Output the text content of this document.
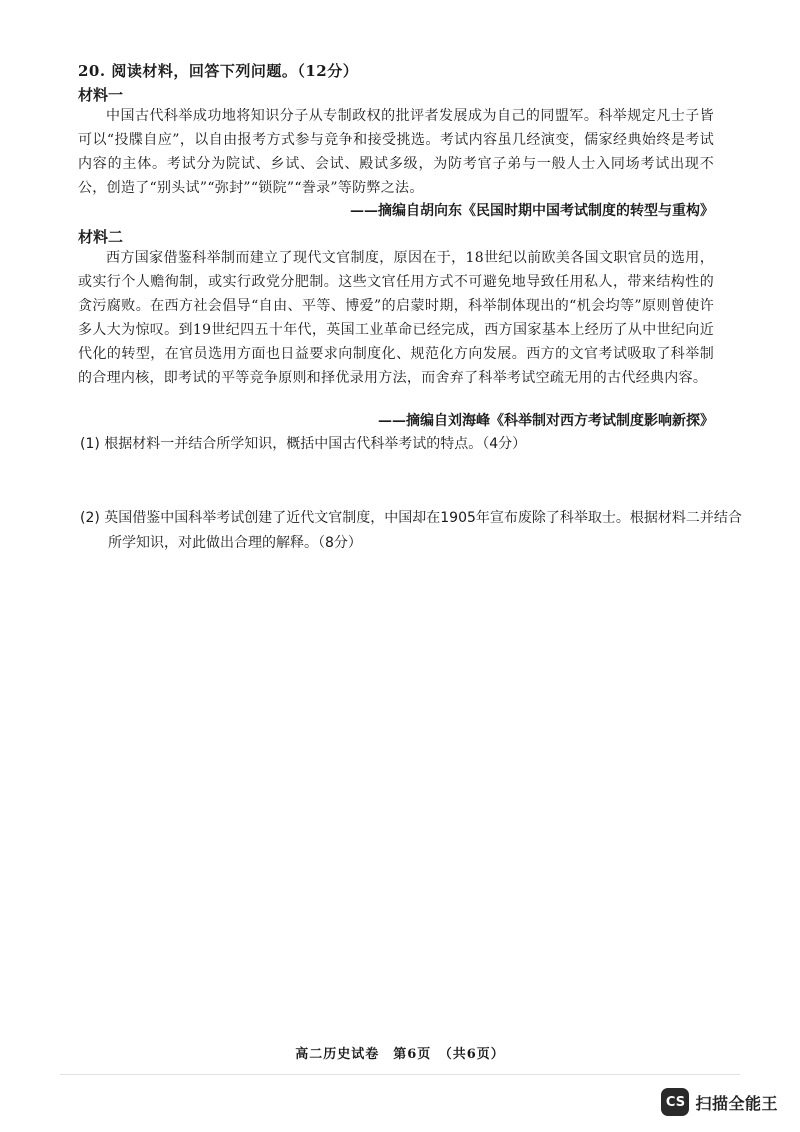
20. 阅读材料，回答下列问题。（12分）
材料一
中国古代科举成功地将知识分子从专制政权的批评者发展成为自己的同盟军。科举规定凡士子皆可以“投牒自应”，以自由报考方式参与竞争和接受挑选。考试内容虽几经演变，儒家经典始终是考试内容的主体。考试分为院试、乡试、会试、殿试多级，为防考官子弟与一般人士入同场考试出现不公，创造了“别头试”“弥封”“锁院”“誊录”等防弊之法。
——摘编自胡向东《民国时期中国考试制度的转型与重构》
材料二
西方国家借鉴科举制而建立了现代文官制度，原因在于，18世纪以前欧美各国文职官员的选用，或实行个人赡徇制，或实行政党分肥制。这些文官任用方式不可避免地导致任用私人，带来结构性的贪污腐败。在西方社会倡导“自由、平等、博爱”的启蒙时期，科举制体现出的“机会均等”原则曾使许多人大为惊叹。到19世纪四五十年代，英国工业革命已经完成，西方国家基本上经历了从中世纪向近代化的转型，在官员选用方面也日益要求向制度化、规范化方向发展。西方的文官考试吸取了科举制的合理内核，即考试的平等竞争原则和择优录用方法，而舍弃了科举考试空疏无用的古代经典内容。
——摘编自刘海峰《科举制对西方考试制度影响新探》
(1) 根据材料一并结合所学知识，概括中国古代科举考试的特点。（4分）
(2) 英国借鉴中国科举考试创建了近代文官制度，中国却在1905年宣布废除了科举取士。根据材料二并结合所学知识，对此做出合理的解释。（8分）
高二历史试卷　第6页　（共6页）
CS 扫描全能王
